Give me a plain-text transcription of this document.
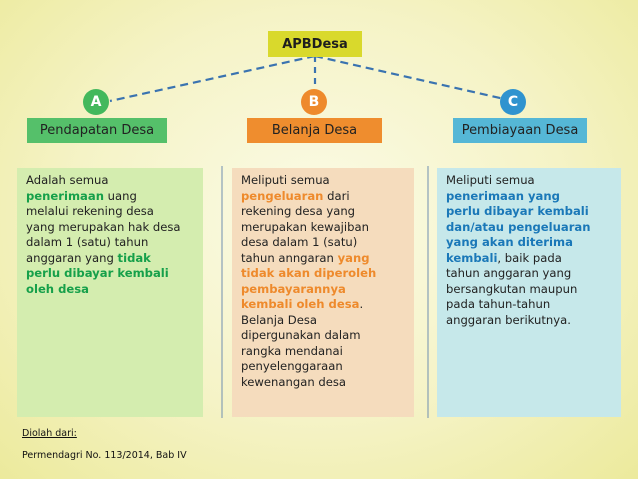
APBDesa
A
Pendapatan Desa
B
Belanja Desa
C
Pembiayaan Desa
Adalah semua
penerimaan uang
melalui rekening desa
yang merupakan hak desa
dalam 1 (satu) tahun
anggaran yang tidak
perlu dibayar kembali
oleh desa
Meliputi semua
pengeluaran dari
rekening desa yang
merupakan kewajiban
desa dalam 1 (satu)
tahun anngaran yang
tidak akan diperoleh
pembayarannya
kembali oleh desa.
Belanja Desa
dipergunakan dalam
rangka mendanai
penyelenggaraan
kewenangan desa
Meliputi semua
penerimaan yang
perlu dibayar kembali
dan/atau pengeluaran
yang akan diterima
kembali, baik pada
tahun anggaran yang
bersangkutan maupun
pada tahun-tahun
anggaran berikutnya.
Diolah dari:
Permendagri No. 113/2014, Bab IV
